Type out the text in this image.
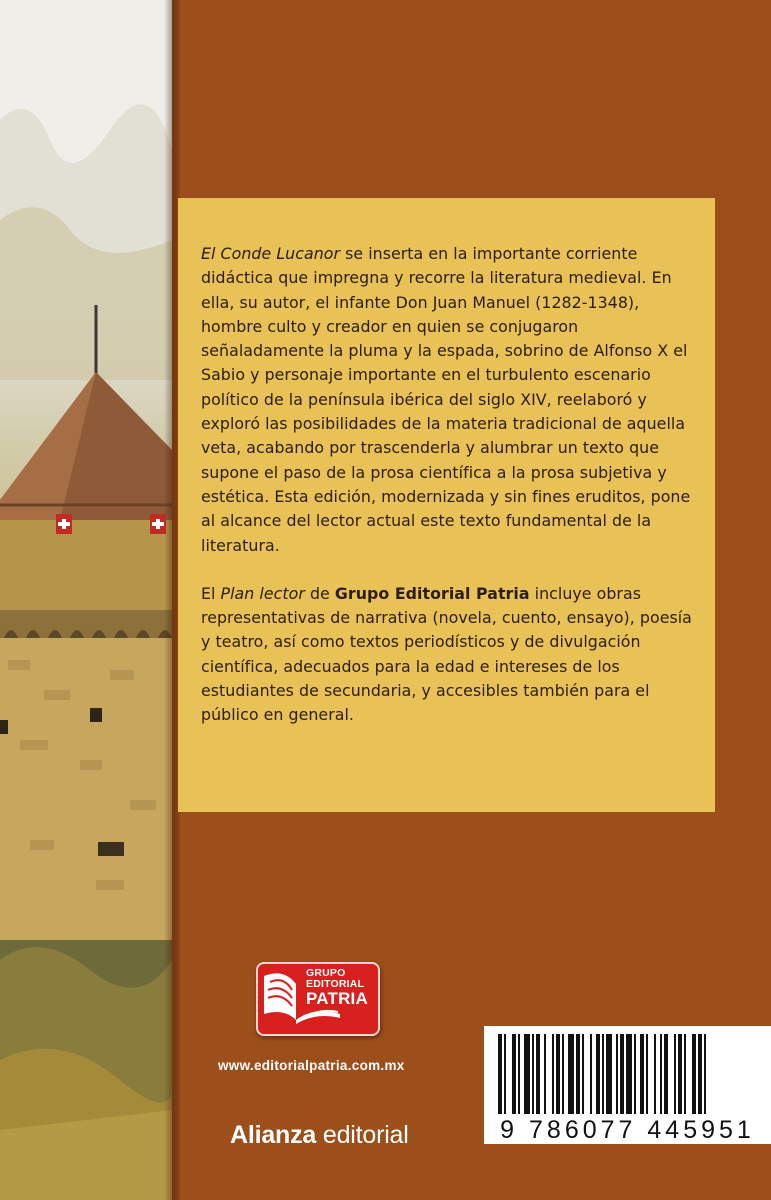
El Conde Lucanor se inserta en la importante corriente didáctica que impregna y recorre la literatura medieval. En ella, su autor, el infante Don Juan Manuel (1282-1348), hombre culto y creador en quien se conjugaron señaladamente la pluma y la espada, sobrino de Alfonso X el Sabio y personaje importante en el turbulento escenario político de la península ibérica del siglo XIV, reelaboró y exploró las posibilidades de la materia tradicional de aquella veta, acabando por trascenderla y alumbrar un texto que supone el paso de la prosa científica a la prosa subjetiva y estética. Esta edición, modernizada y sin fines eruditos, pone al alcance del lector actual este texto fundamental de la literatura.

El Plan lector de Grupo Editorial Patria incluye obras representativas de narrativa (novela, cuento, ensayo), poesía y teatro, así como textos periodísticos y de divulgación científica, adecuados para la edad e intereses de los estudiantes de secundaria, y accesibles también para el público en general.

GRUPO
EDITORIAL
PATRIA
www.editorialpatria.com.mx
Alianza editorial	9 786077 445951
